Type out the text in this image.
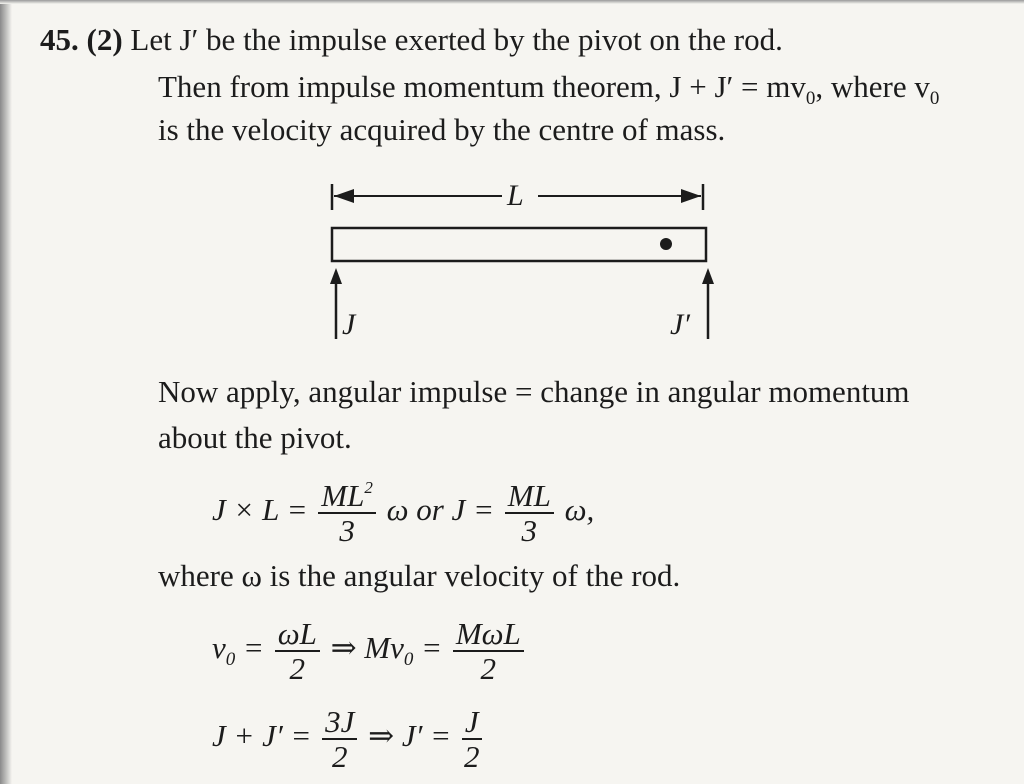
45. (2) Let J′ be the impulse exerted by the pivot on the rod.
Then from impulse momentum theorem, $J + J' = mv_0$, where $v_0$
is the velocity acquired by the centre of mass.
L
J	J′
Now apply, angular impulse = change in angular momentum
about the pivot.
$J \times L = \frac{ML^2}{3}$ ω or $J = \frac{ML}{3} \omega$,
where ω is the angular velocity of the rod.
$v_0 = \frac{\omega L}{2}$ ⇒ $Mv_0 = \frac{\text{MωL}}{2}$
$J + J' = \frac{3J}{2}$ ⇒ $J' = \frac{J}{2}$
